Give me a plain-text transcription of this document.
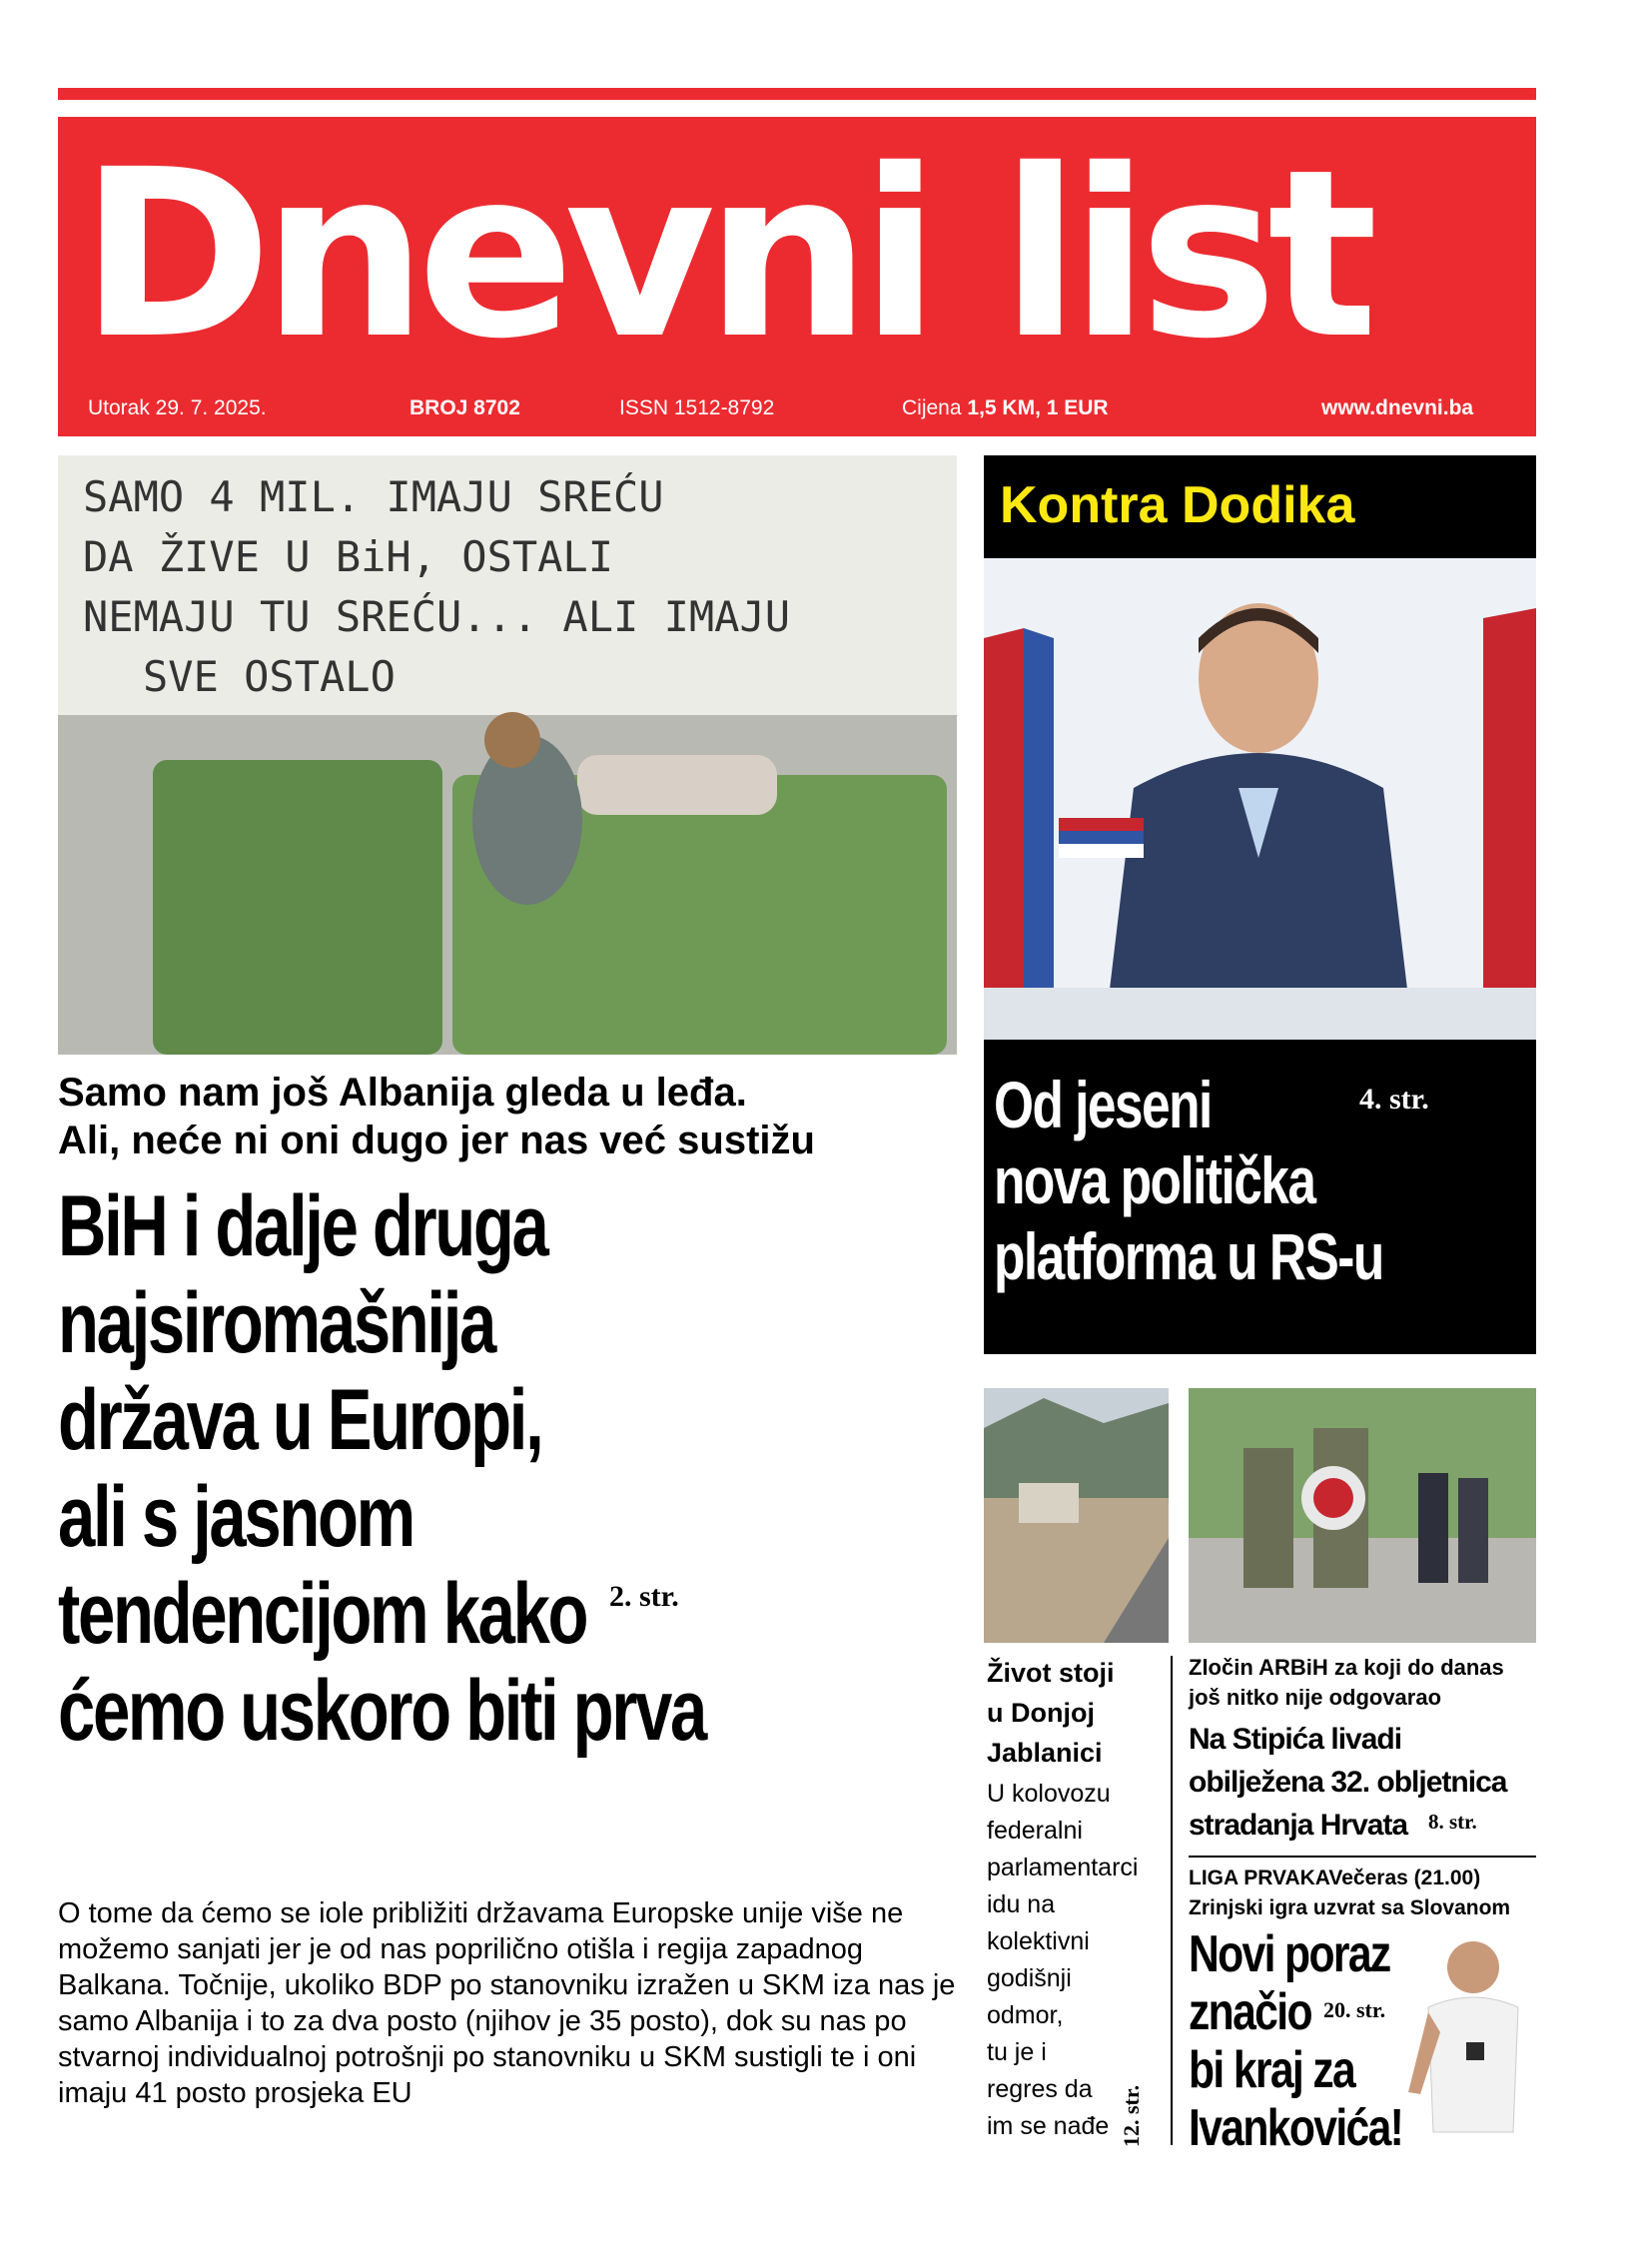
Dnevni list
Utorak 29. 7. 2025.	BROJ 8702	ISSN 1512-8792	Cijena 1,5 KM, 1 EUR	www.dnevni.ba
SAMO 4 MIL. IMAJU SREĆU
DA ŽIVE U BiH, OSTALI
NEMAJU TU SREĆU... ALI IMAJU
SVE OSTALO
Samo nam još Albanija gleda u leđa.
Ali, neće ni oni dugo jer nas već sustižu
BiH i dalje druga
najsiromašnija
država u Europi,
ali s jasnom
tendencijom kako
ćemo uskoro biti prva
2. str.
O tome da ćemo se iole približiti državama Europske unije više ne možemo sanjati jer je od nas poprilično otišla i regija zapadnog Balkana. Točnije, ukoliko BDP po stanovniku izražen u SKM iza nas je samo Albanija i to za dva posto (njihov je 35 posto), dok su nas po stvarnoj individualnoj potrošnji po stanovniku u SKM sustigli te i oni imaju 41 posto prosjeka EU
Kontra Dodika
Od jeseni
nova politička
platforma u RS-u
4. str.
Život stoji
u Donjoj
Jablanici
U kolovozu
federalni
parlamentarci
idu na
kolektivni
godišnji
odmor,
tu je i
regres da
im se nađe 12. str.
Zločin ARBiH za koji do danas
još nitko nije odgovarao
Na Stipića livadi
obilježena 32. obljetnica
stradanja Hrvata 8. str.
LIGA PRVAKAVečeras (21.00)
Zrinjski igra uzvrat sa Slovanom
Novi poraz
značio
bi kraj za
Ivankovića!
20. str.
